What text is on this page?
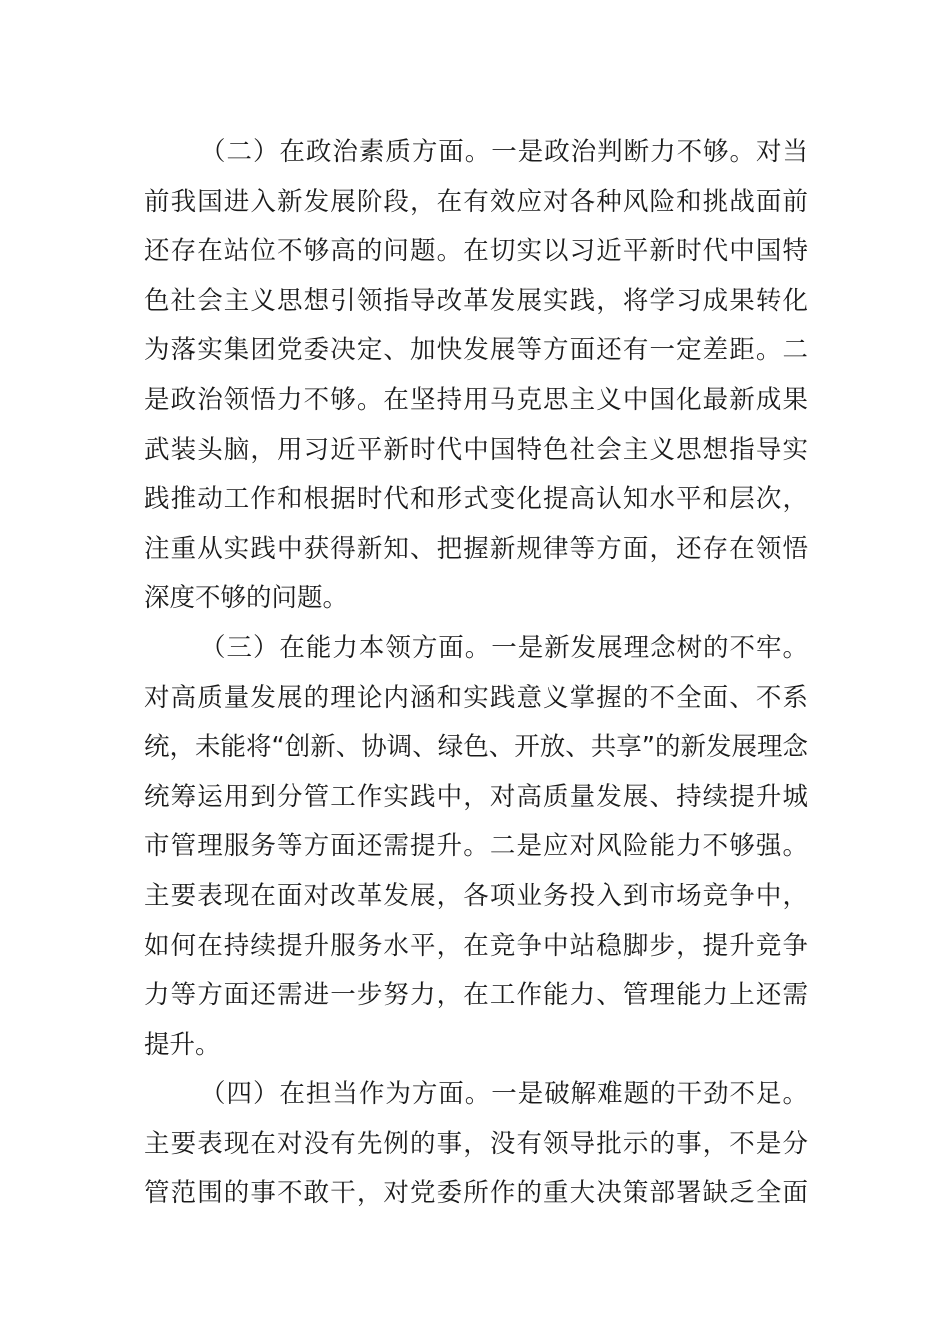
（二）在政治素质方面。一是政治判断力不够。对当
前我国进入新发展阶段，在有效应对各种风险和挑战面前
还存在站位不够高的问题。在切实以习近平新时代中国特
色社会主义思想引领指导改革发展实践，将学习成果转化
为落实集团党委决定、加快发展等方面还有一定差距。二
是政治领悟力不够。在坚持用马克思主义中国化最新成果
武装头脑，用习近平新时代中国特色社会主义思想指导实
践推动工作和根据时代和形式变化提高认知水平和层次，
注重从实践中获得新知、把握新规律等方面，还存在领悟
深度不够的问题。
（三）在能力本领方面。一是新发展理念树的不牢。
对高质量发展的理论内涵和实践意义掌握的不全面、不系
统，未能将“创新、协调、绿色、开放、共享”的新发展理念
统筹运用到分管工作实践中，对高质量发展、持续提升城
市管理服务等方面还需提升。二是应对风险能力不够强。
主要表现在面对改革发展，各项业务投入到市场竞争中，
如何在持续提升服务水平，在竞争中站稳脚步，提升竞争
力等方面还需进一步努力，在工作能力、管理能力上还需
提升。
（四）在担当作为方面。一是破解难题的干劲不足。
主要表现在对没有先例的事，没有领导批示的事，不是分
管范围的事不敢干，对党委所作的重大决策部署缺乏全面
